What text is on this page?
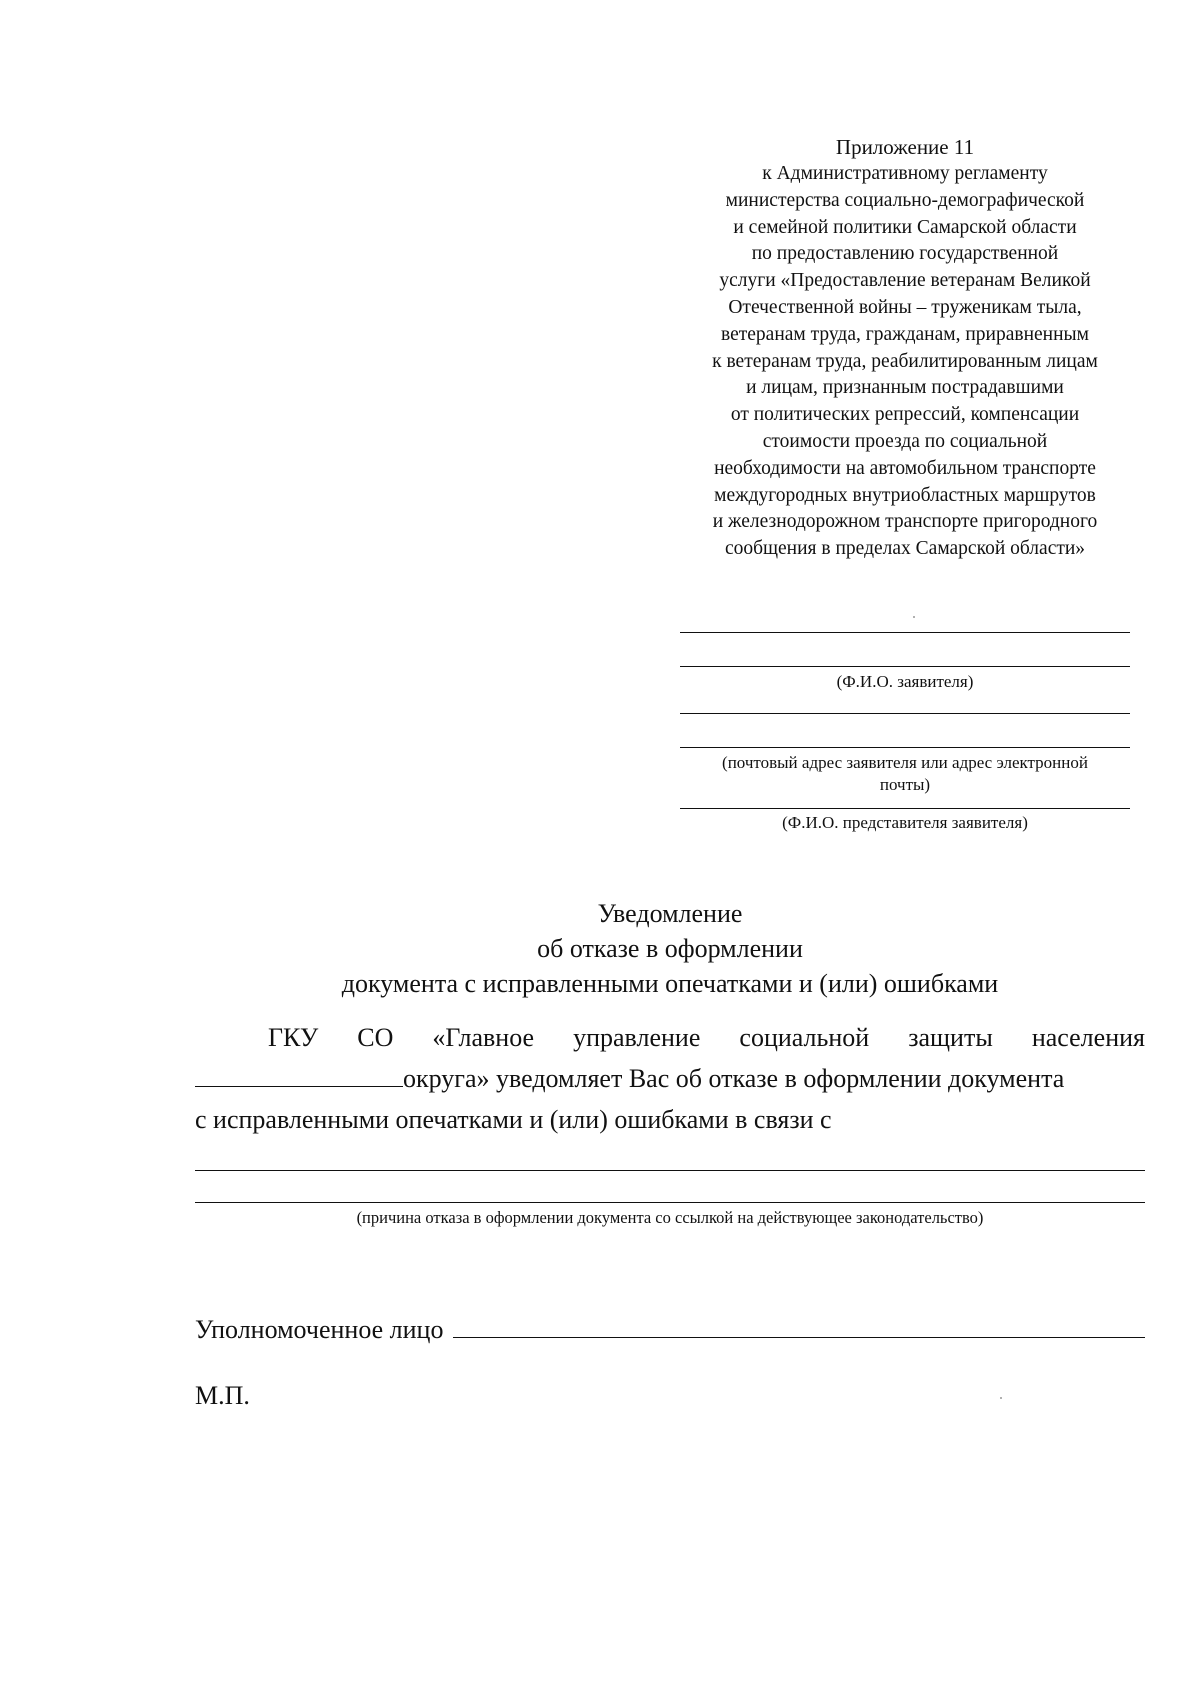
Приложение 11
к Административному регламенту
министерства социально-демографической
и семейной политики Самарской области
по предоставлению государственной
услуги «Предоставление ветеранам Великой
Отечественной войны – труженикам тыла,
ветеранам труда, гражданам, приравненным
к ветеранам труда, реабилитированным лицам
и лицам, признанным пострадавшими
от политических репрессий, компенсации
стоимости проезда по социальной
необходимости на автомобильном транспорте
междугородных внутриобластных маршрутов
и железнодорожном транспорте пригородного
сообщения в пределах Самарской области»
(Ф.И.О. заявителя)
(почтовый адрес заявителя или адрес электронной
почты)
(Ф.И.О. представителя заявителя)
Уведомление
об отказе в оформлении
документа с исправленными опечатками и (или) ошибками
ГКУ СО «Главное управление социальной защиты населения
округа» уведомляет Вас об отказе в оформлении документа
с исправленными опечатками и (или) ошибками в связи с
(причина отказа в оформлении документа со ссылкой на действующее законодательство)
Уполномоченное лицо
М.П.
